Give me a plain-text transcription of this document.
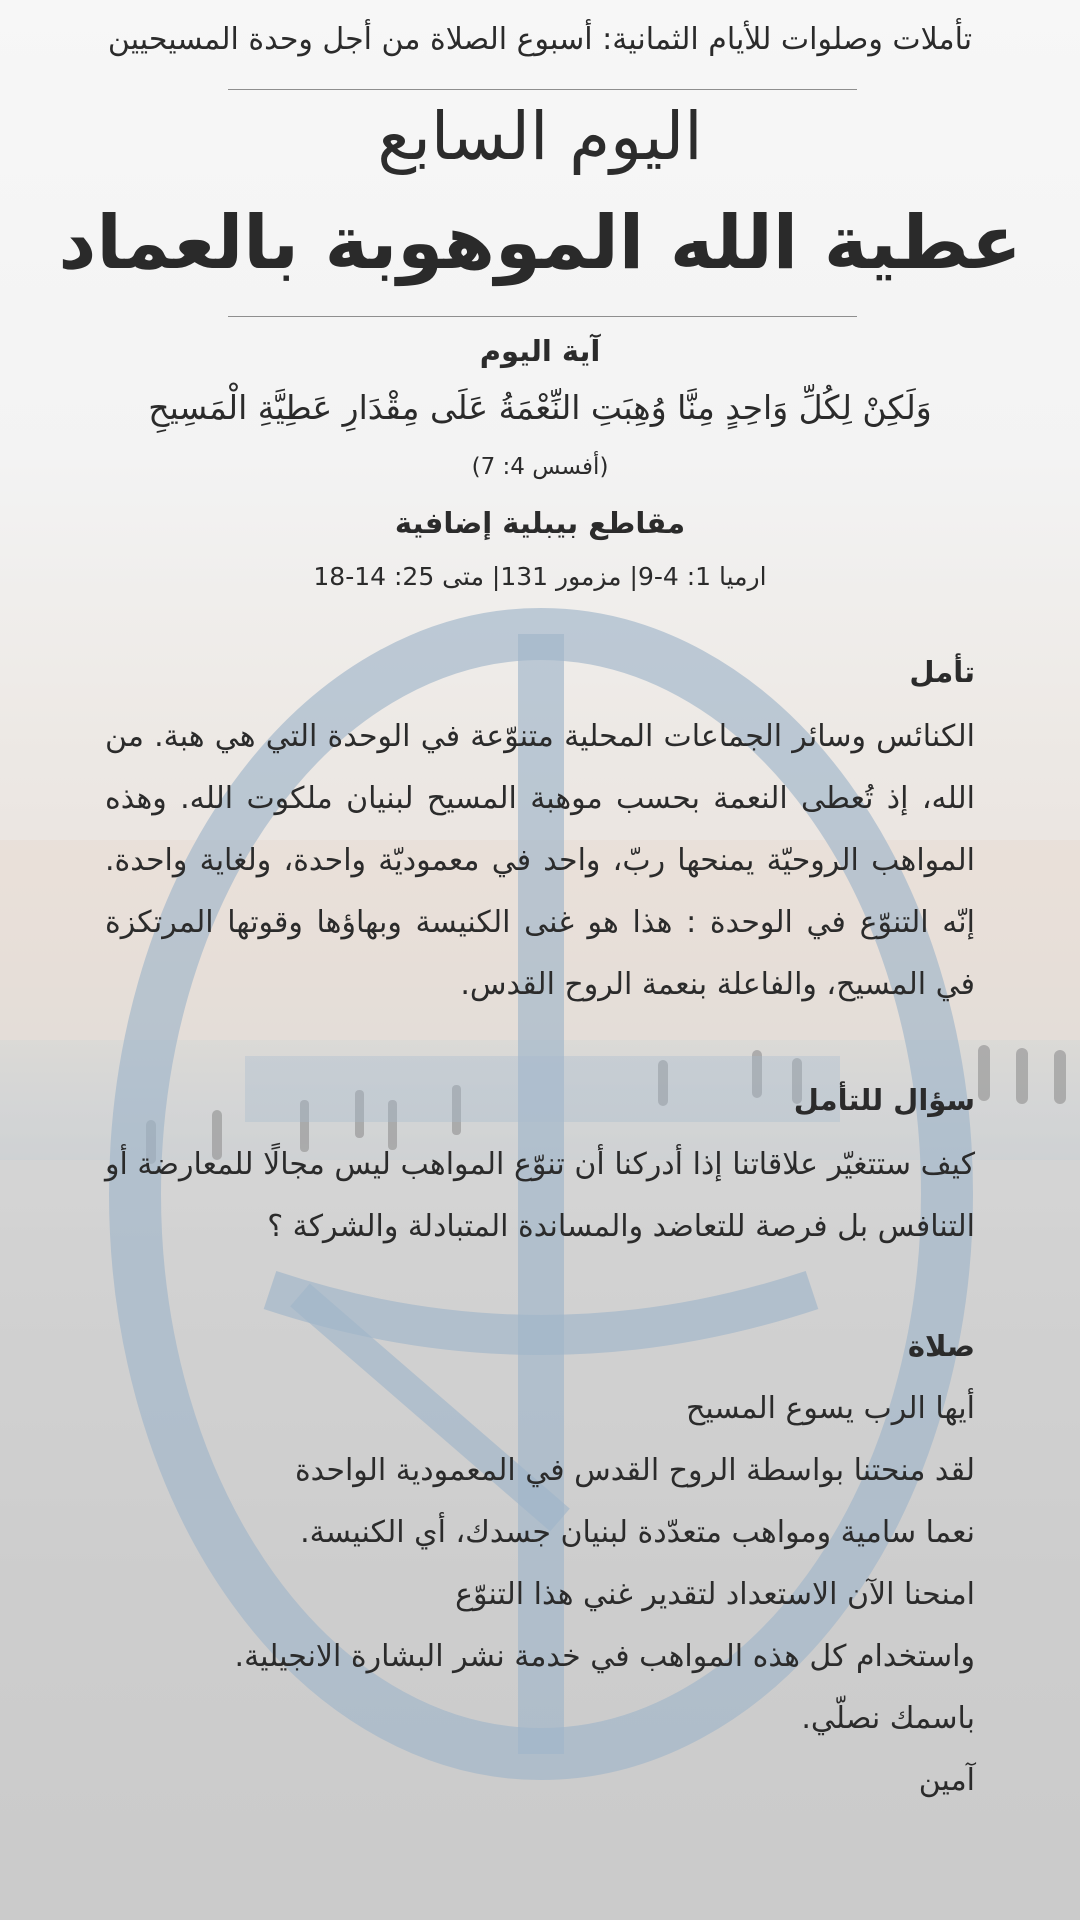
تأملات وصلوات للأيام الثمانية: أسبوع الصلاة من أجل وحدة المسيحيين
اليوم السابع
عطية الله الموهوبة بالعماد
آية اليوم
وَلَكِنْ لِكُلِّ وَاحِدٍ مِنَّا وُهِبَتِ النِّعْمَةُ عَلَى مِقْدَارِ عَطِيَّةِ الْمَسِيحِ
(أفسس 4: 7)
مقاطع بيبلية إضافية
ارميا 1: 4-9| مزمور 131| متى 25: 14-18
تأمل
الكنائس وسائر الجماعات المحلية متنوّعة في الوحدة التي هي هبة. من الله، إذ تُعطى النعمة بحسب موهبة المسيح لبنيان ملكوت الله. وهذه المواهب الروحيّة يمنحها ربّ، واحد في معموديّة واحدة، ولغاية واحدة. إنّه التنوّع في الوحدة : هذا هو غنى الكنيسة وبهاؤها وقوتها المرتكزة في المسيح، والفاعلة بنعمة الروح القدس.
سؤال للتأمل
كيف ستتغيّر علاقاتنا إذا أدركنا أن تنوّع المواهب ليس مجالًا للمعارضة أو التنافس بل فرصة للتعاضد والمساندة المتبادلة والشركة ؟
صلاة
أيها الرب يسوع المسيح
لقد منحتنا بواسطة الروح القدس في المعمودية الواحدة
نعما سامية ومواهب متعدّدة لبنيان جسدك، أي الكنيسة.
امنحنا الآن الاستعداد لتقدير غني هذا التنوّع
واستخدام كل هذه المواهب في خدمة نشر البشارة الانجيلية.
باسمك نصلّي.
آمين
